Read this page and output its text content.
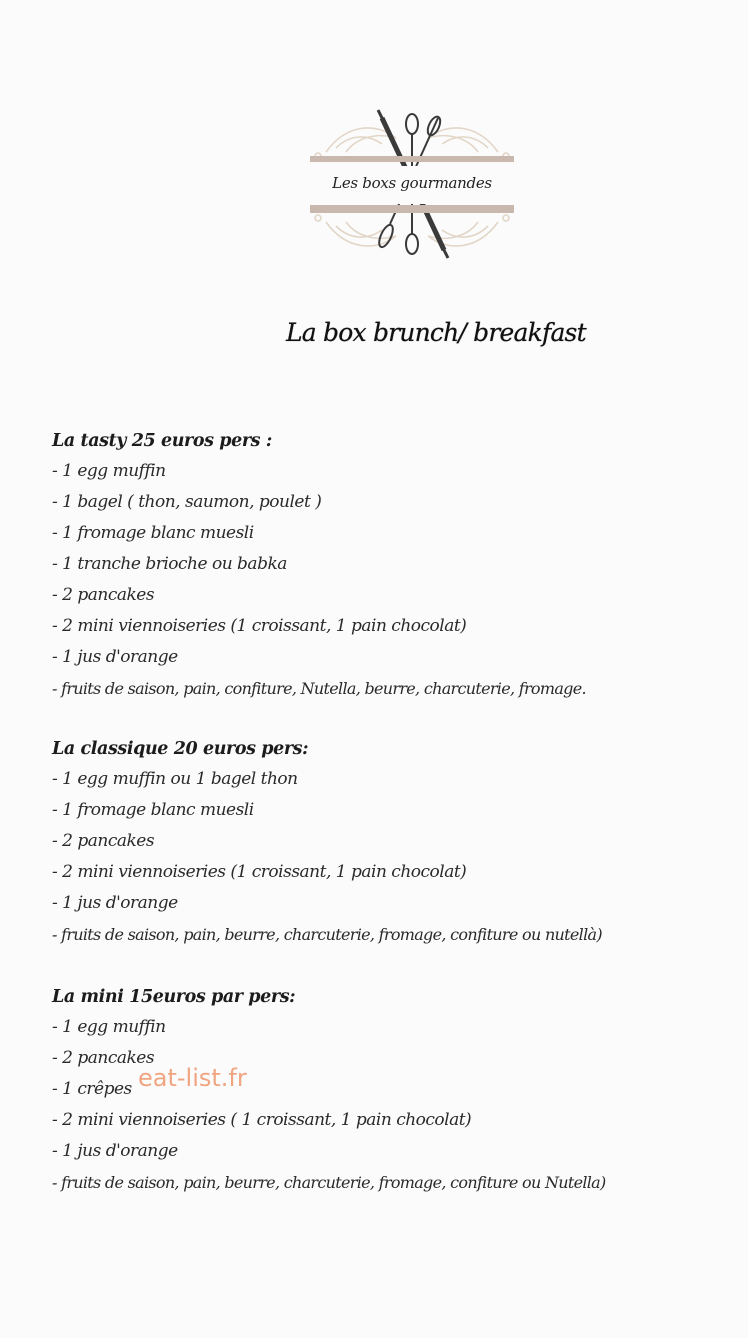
Les boxs gourmandes
La box brunch/ breakfast
La tasty 25 euros pers :
- 1 egg muffin
- 1 bagel ( thon, saumon, poulet )
- 1 fromage blanc muesli
- 1 tranche brioche ou babka
- 2 pancakes
- 2 mini viennoiseries (1 croissant, 1 pain chocolat)
- 1 jus d'orange
- fruits de saison, pain, confiture, Nutella, beurre, charcuterie, fromage.
La classique 20 euros pers:
- 1 egg muffin ou 1 bagel thon
- 1 fromage blanc muesli
- 2 pancakes
- 2 mini viennoiseries (1 croissant, 1 pain chocolat)
- 1 jus d'orange
- fruits de saison, pain, beurre, charcuterie, fromage, confiture ou nutellà)
La mini 15euros par pers:
- 1 egg muffin
- 2 pancakes
- 1 crêpes
- 2 mini viennoiseries ( 1 croissant, 1 pain chocolat)
- 1 jus d'orange
- fruits de saison, pain, beurre, charcuterie, fromage, confiture ou Nutella)
eat-list.fr
